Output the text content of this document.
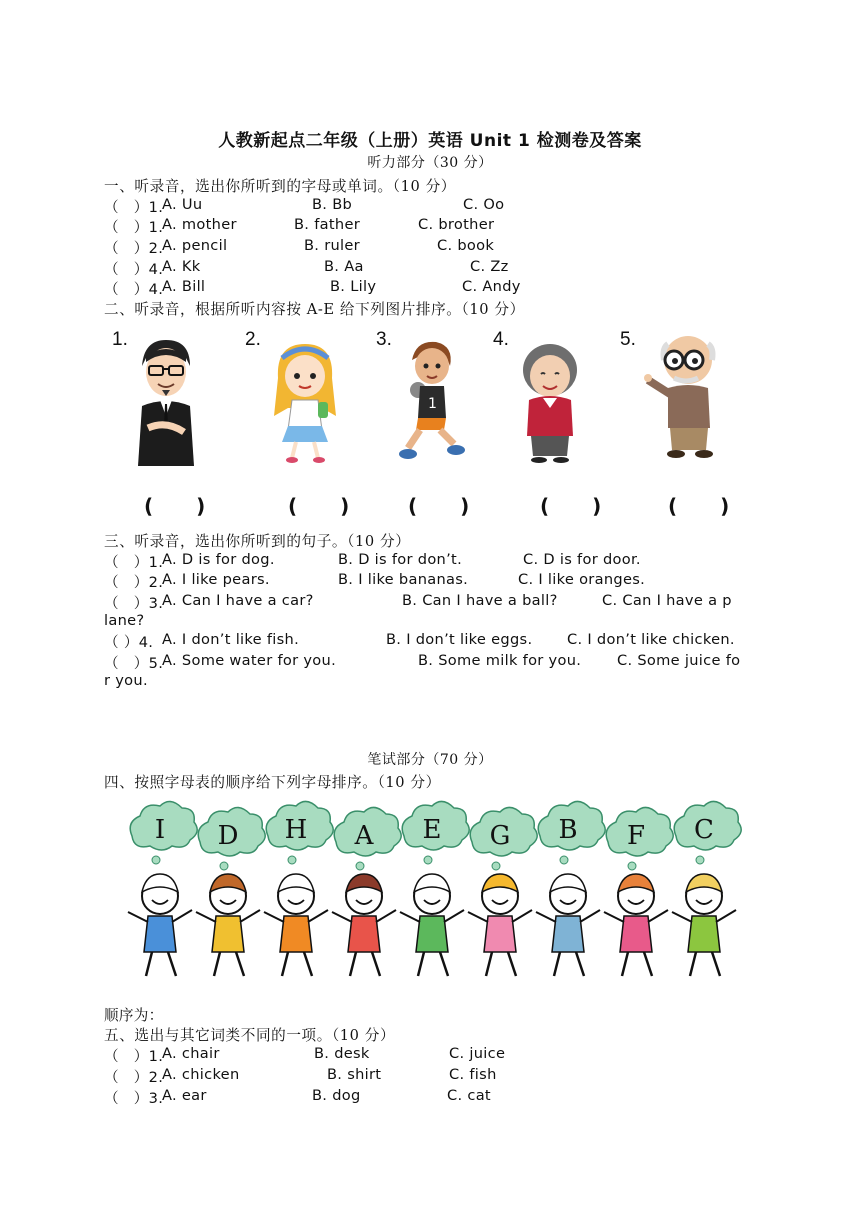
人教新起点二年级（上册）英语 Unit 1 检测卷及答案
听力部分（30 分）
一、听录音，选出你所听到的字母或单词。（10 分）
（　）1.
A. Uu	B. Bb	C. Oo
（　）1.
A. mother	B. father	C. brother
（　）2.
A. pencil	B. ruler	C. book
（　）4.
A. Kk	B. Aa	C. Zz
（　）4.
A. Bill	B. Lily	C. Andy
二、听录音，根据所听内容按 A-E 给下列图片排序。（10 分）
1.	2.	3.	4.	5.
1
( )	( ) ( )	( ) ( )
三、听录音，选出你所听到的句子。（10 分）
（　）1.
A. D is for dog.	B. D is for don’t.	C. D is for door.
（　）2.
A. I like pears.	B. I like bananas.	C. I like oranges.
（　）3.
A. Can I have a car?	B. Can I have a ball?	C. Can I have a p
lane?
（ ）4. A. I don’t like fish.	B. I don’t like eggs. C. I don’t like chicken.
（　）5.
A. Some water for you.	B. Some milk for you. C. Some juice fo
r you.
笔试部分（70 分）
四、按照字母表的顺序给下列字母排序。（10 分）
I D H A E G B F C
顺序为：
五、选出与其它词类不同的一项。（10 分）
（　）1.
A. chair	B. desk	C. juice
（　）2.
A. chicken	B. shirt	C. fish
（　）3.
A. ear	B. dog	C. cat
